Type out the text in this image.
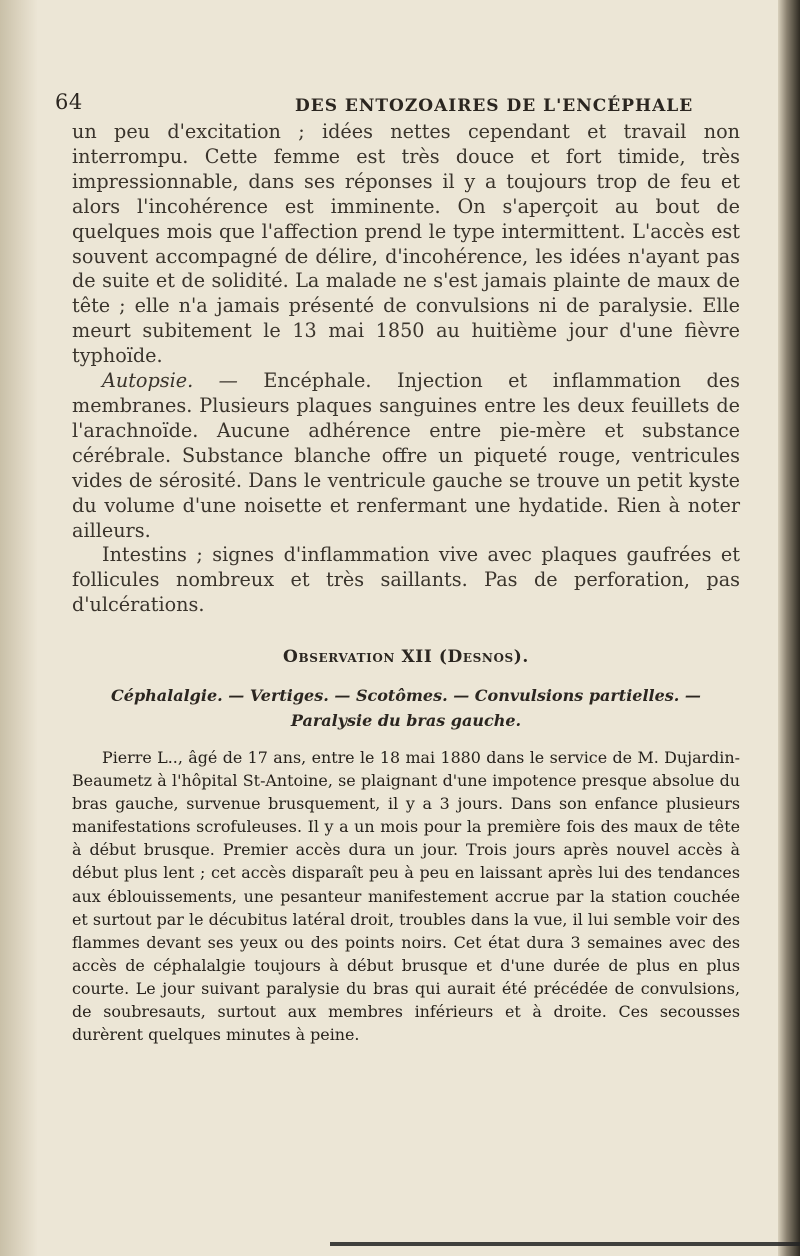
64	DES ENTOZOAIRES DE L'ENCÉPHALE

un peu d'excitation ; idées nettes cependant et travail non interrompu. Cette femme est très douce et fort timide, très impressionnable, dans ses réponses il y a toujours trop de feu et alors l'incohérence est imminente. On s'aperçoit au bout de quelques mois que l'affection prend le type intermittent. L'accès est souvent accompagné de délire, d'incohérence, les idées n'ayant pas de suite et de solidité. La malade ne s'est jamais plainte de maux de tête ; elle n'a jamais présenté de convulsions ni de paralysie. Elle meurt subitement le 13 mai 1850 au huitième jour d'une fièvre typhoïde.

Autopsie. — Encéphale. Injection et inflammation des membranes. Plusieurs plaques sanguines entre les deux feuillets de l'arachnoïde. Aucune adhérence entre pie-mère et substance cérébrale. Substance blanche offre un piqueté rouge, ventricules vides de sérosité. Dans le ventricule gauche se trouve un petit kyste du volume d'une noisette et renfermant une hydatide. Rien à noter ailleurs.

Intestins ; signes d'inflammation vive avec plaques gaufrées et follicules nombreux et très saillants. Pas de perforation, pas d'ulcérations.

Observation XII (Desnos).
Céphalalgie. — Vertiges. — Scotômes. — Convulsions partielles. — Paralysie du bras gauche.

Pierre L.., âgé de 17 ans, entre le 18 mai 1880 dans le service de M. Dujardin-Beaumetz à l'hôpital St-Antoine, se plaignant d'une impotence presque absolue du bras gauche, survenue brusquement, il y a 3 jours. Dans son enfance plusieurs manifestations scrofuleuses. Il y a un mois pour la première fois des maux de tête à début brusque. Premier accès dura un jour. Trois jours après nouvel accès à début plus lent ; cet accès disparaît peu à peu en laissant après lui des tendances aux éblouissements, une pesanteur manifestement accrue par la station couchée et surtout par le décubitus latéral droit, troubles dans la vue, il lui semble voir des flammes devant ses yeux ou des points noirs. Cet état dura 3 semaines avec des accès de céphalalgie toujours à début brusque et d'une durée de plus en plus courte. Le jour suivant paralysie du bras qui aurait été précédée de convulsions, de soubresauts, surtout aux membres inférieurs et à droite. Ces secousses durèrent quelques minutes à peine.
